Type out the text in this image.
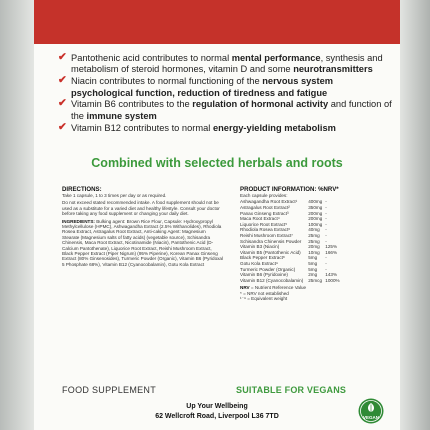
✔ Pantothenic acid contributes to normal mental performance, synthesis and metabolism of steroid hormones, vitamin D and some neurotransmitters
✔ Niacin contributes to normal functioning of the nervous system psychological function, reduction of tiredness and fatigue
✔ Vitamin B6 contributes to the regulation of hormonal activity and function of the immune system
✔ Vitamin B12 contributes to normal energy-yielding metabolism
Combined with selected herbals and roots
DIRECTIONS:
Take 1 capsule, 1 to 3 times per day or as required.
Do not exceed stated recommended intake. A food supplement should not be used as a substitute for a varied diet and healthy lifestyle. Consult your doctor before taking any food supplement or changing your daily diet.
INGREDIENTS: Bulking agent: Brown Rice Flour, Capsule: Hydroxypropyl Methylcellulose (HPMC), Ashwagandha Extract (2.5% Withanolides), Rhodiola Rosea Extract, Astragalus Root Extract, Anti-caking Agent: Magnesium Stearate (Magnesium salts of fatty acids) (vegetable source), Schisandra Chinensis, Maca Root Extract, Nicotinamide (Niacin), Pantothenic Acid (D-Calcium Pantothenate), Liquorice Root Extract, Reishi Mushroom Extract, Black Pepper Extract (Piper Nigrum) (95% Piperine), Korean Panax Ginseng Extract (80% Ginsenosides), Turmeric Powder (Organic), Vitamin B6 (Pyridoxal 5 Phosphate 68%), Vitamin B12 (Cyanocobalamin), Gotu Kola Extract
PRODUCT INFORMATION: %NRV*
Each capsule provides:
Ashwagandha Root Extract¹	400mg	-
Astragalus Root Extract²	350mg	-
Panax Ginseng Extract³	200mg	-
Maca Root Extract⁴	200mg	-
Liquorice Root Extract⁵	100mg	-
Rhodiola Rosea Extract⁶	40mg	-
Reishi Mushroom Extract⁷	25mg	-
Schisandra Chinensis Powder	25mg	-
Vitamin B3 (Niacin)	20mg	125%
Vitamin B5 (Pantothenic Acid)	10mg	166%
Black Pepper Extract⁸	5mg	-
Gotu Kola Extract⁹	5mg	-
Turmeric Powder (Organic)	5mg	-
Vitamin B6 (Pyridoxine)	2mg	143%
Vitamin B12 (Cyanocobalamin)	25mcg	1000%
NRV = Nutrient Reference Value
* = NRV not established
¹⁻⁹ = Equivalent weight
FOOD SUPPLEMENT	SUITABLE FOR VEGANS
Up Your Wellbeing
62 Wellcroft Road, Liverpool L36 7TD	VEGAN
